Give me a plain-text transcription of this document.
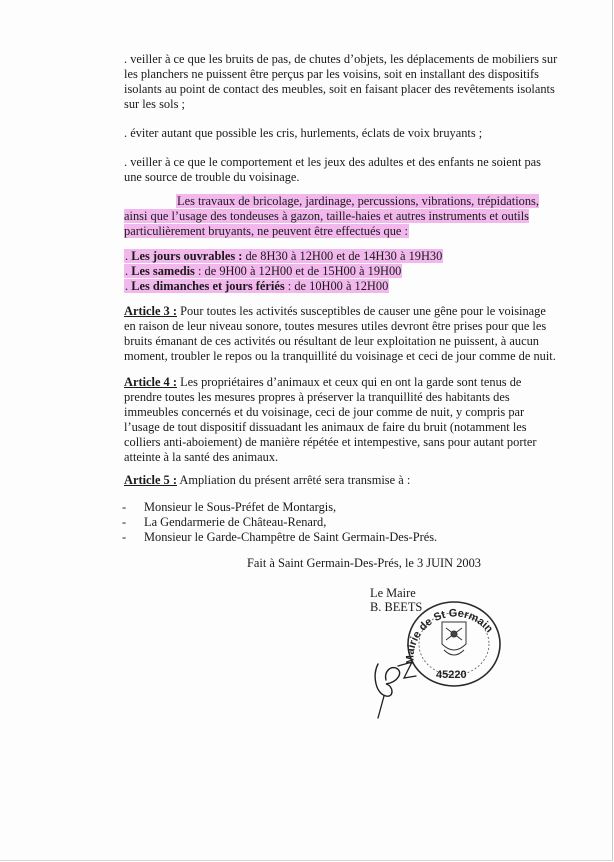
. veiller à ce que les bruits de pas, de chutes d’objets, les déplacements de mobiliers sur les planchers ne puissent être perçus par les voisins, soit en installant des dispositifs isolants au point de contact des meubles, soit en faisant placer des revêtements isolants sur les sols ;
. éviter autant que possible les cris, hurlements, éclats de voix bruyants ;
. veiller à ce que le comportement et les jeux des adultes et des enfants ne soient pas une source de trouble du voisinage.
Les travaux de bricolage, jardinage, percussions, vibrations, trépidations, ainsi que l’usage des tondeuses à gazon, taille-haies et autres instruments et outils particulièrement bruyants, ne peuvent être effectués que :
. Les jours ouvrables : de 8H30 à 12H00 et de 14H30 à 19H30
. Les samedis : de 9H00 à 12H00 et de 15H00 à 19H00
. Les dimanches et jours fériés : de 10H00 à 12H00
Article 3 : Pour toutes les activités susceptibles de causer une gêne pour le voisinage en raison de leur niveau sonore, toutes mesures utiles devront être prises pour que les bruits émanant de ces activités ou résultant de leur exploitation ne puissent, à aucun moment, troubler le repos ou la tranquillité du voisinage et ceci de jour comme de nuit.
Article 4 : Les propriétaires d’animaux et ceux qui en ont la garde sont tenus de prendre toutes les mesures propres à préserver la tranquillité des habitants des immeubles concernés et du voisinage, ceci de jour comme de nuit, y compris par l’usage de tout dispositif dissuadant les animaux de faire du bruit (notamment les colliers anti-aboiement) de manière répétée et intempestive, sans pour autant porter atteinte à la santé des animaux.
Article 5 : Ampliation du présent arrêté sera transmise à :
- Monsieur le Sous-Préfet de Montargis,
- La Gendarmerie de Château-Renard,
- Monsieur le Garde-Champêtre de Saint Germain-Des-Prés.
Fait à Saint Germain-Des-Prés, le 3 JUIN 2003
Le Maire
B. BEETS
Mairie de St Germain
45220
